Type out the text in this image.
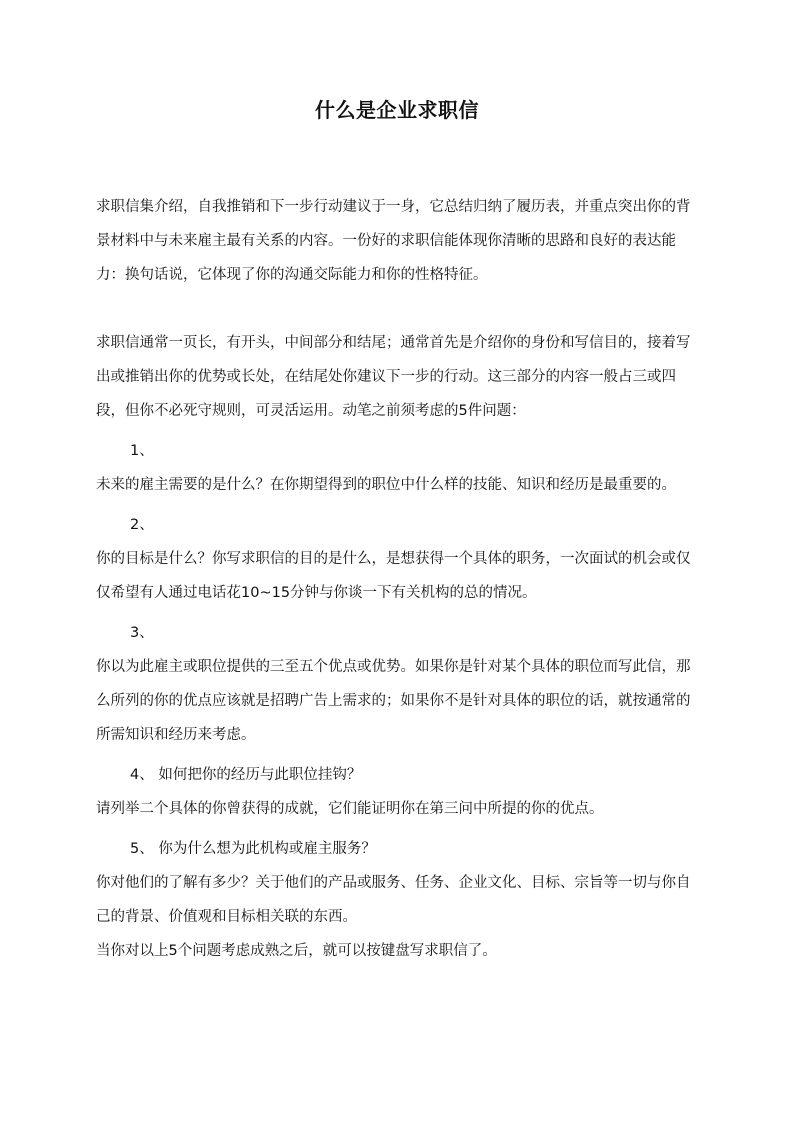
什么是企业求职信

求职信集介绍，自我推销和下一步行动建议于一身，它总结归纳了履历表，并重点突出你的背景材料中与未来雇主最有关系的内容。一份好的求职信能体现你清晰的思路和良好的表达能力：换句话说，它体现了你的沟通交际能力和你的性格特征。

求职信通常一页长，有开头，中间部分和结尾；通常首先是介绍你的身份和写信目的，接着写出或推销出你的优势或长处，在结尾处你建议下一步的行动。这三部分的内容一般占三或四段，但你不必死守规则，可灵活运用。动笔之前须考虑的5件问题：

1、

未来的雇主需要的是什么？在你期望得到的职位中什么样的技能、知识和经历是最重要的。

2、

你的目标是什么？你写求职信的目的是什么，是想获得一个具体的职务，一次面试的机会或仅仅希望有人通过电话花10~15分钟与你谈一下有关机构的总的情况。

3、

你以为此雇主或职位提供的三至五个优点或优势。如果你是针对某个具体的职位而写此信，那么所列的你的优点应该就是招聘广告上需求的；如果你不是针对具体的职位的话，就按通常的所需知识和经历来考虑。

4、 如何把你的经历与此职位挂钩？

请列举二个具体的你曾获得的成就，它们能证明你在第三问中所提的你的优点。

5、 你为什么想为此机构或雇主服务？

你对他们的了解有多少？关于他们的产品或服务、任务、企业文化、目标、宗旨等一切与你自己的背景、价值观和目标相关联的东西。

当你对以上5个问题考虑成熟之后，就可以按键盘写求职信了。
